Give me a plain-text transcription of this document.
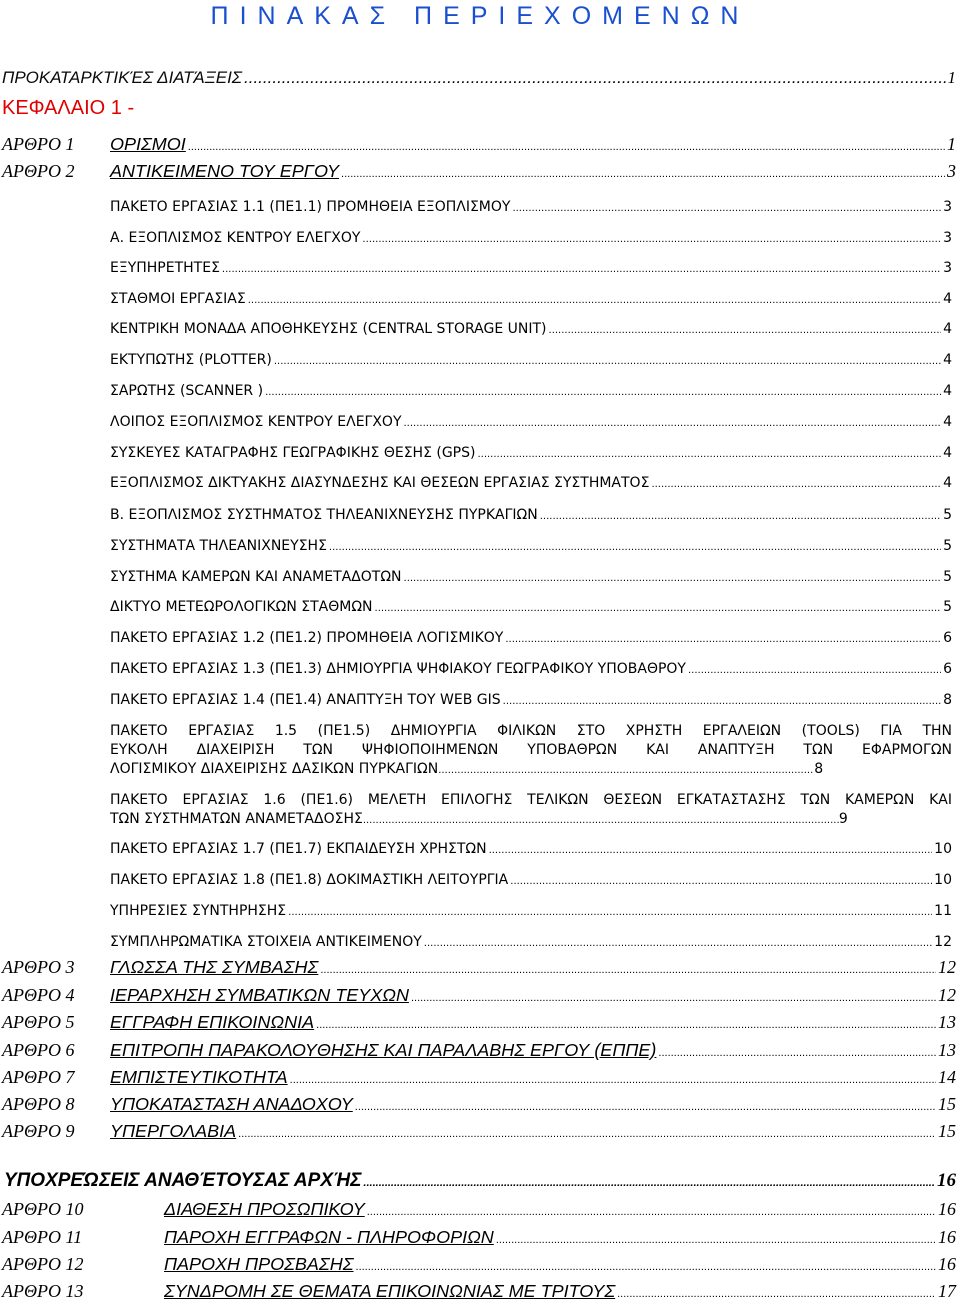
ΠΙΝΑΚΑΣ ΠΕΡΙΕΧΟΜΕΝΩΝ
ΠΡΟΚΑΤΑΡΚΤΙΚΈΣ ΔΙΑΤΆΞΕΙΣ .....	1
ΚΕΦΑΛΑΙΟ 1 -
ΑΡΘΡΟ 1 ΟΡΙΣΜΟΙ .....	1
ΑΡΘΡΟ 2 ΑΝΤΙΚΕΙΜΕΝΟ ΤΟΥ ΕΡΓΟΥ .....	3
ΠΑΚΕΤΟ ΕΡΓΑΣΙΑΣ 1.1 (ΠΕ1.1) ΠΡΟΜΗΘΕΙΑ ΕΞΟΠΛΙΣΜΟΥ .....	3
Α. ΕΞΟΠΛΙΣΜΟΣ ΚΕΝΤΡΟΥ ΕΛΕΓΧΟΥ .....	3
ΕΞΥΠΗΡΕΤΗΤΕΣ .....	3
ΣΤΑΘΜΟΙ ΕΡΓΑΣΙΑΣ .....	4
ΚΕΝΤΡΙΚΗ ΜΟΝΑΔΑ ΑΠΟΘΗΚΕΥΣΗΣ (CENTRAL STORAGE UNIT) .....	4
ΕΚΤΥΠΩΤΗΣ (PLOTTER) .....	4
ΣΑΡΩΤΗΣ (SCANNER ) .....	4
ΛΟΙΠΟΣ ΕΞΟΠΛΙΣΜΟΣ ΚΕΝΤΡΟΥ ΕΛΕΓΧΟΥ .....	4
ΣΥΣΚΕΥΕΣ ΚΑΤΑΓΡΑΦΗΣ ΓΕΩΓΡΑΦΙΚΗΣ ΘΕΣΗΣ (GPS) .....	4
ΕΞΟΠΛΙΣΜΟΣ ΔΙΚΤΥΑΚΗΣ ΔΙΑΣΥΝΔΕΣΗΣ ΚΑΙ ΘΕΣΕΩΝ ΕΡΓΑΣΙΑΣ ΣΥΣΤΗΜΑΤΟΣ .....	4
Β. ΕΞΟΠΛΙΣΜΟΣ ΣΥΣΤΗΜΑΤΟΣ ΤΗΛΕΑΝΙΧΝΕΥΣΗΣ ΠΥΡΚΑΓΙΩΝ .....	5
ΣΥΣΤΗΜΑΤΑ ΤΗΛΕΑΝΙΧΝΕΥΣΗΣ .....	5
ΣΥΣΤΗΜΑ ΚΑΜΕΡΩΝ ΚΑΙ ΑΝΑΜΕΤΑΔΟΤΩΝ .....	5
ΔΙΚΤΥΟ ΜΕΤΕΩΡΟΛΟΓΙΚΩΝ ΣΤΑΘΜΩΝ .....	5
ΠΑΚΕΤΟ ΕΡΓΑΣΙΑΣ 1.2 (ΠΕ1.2) ΠΡΟΜΗΘΕΙΑ ΛΟΓΙΣΜΙΚΟΥ .....	6
ΠΑΚΕΤΟ ΕΡΓΑΣΙΑΣ 1.3 (ΠΕ1.3) ΔΗΜΙΟΥΡΓΙΑ ΨΗΦΙΑΚΟΥ ΓΕΩΓΡΑΦΙΚΟΥ ΥΠΟΒΑΘΡΟΥ .....	6
ΠΑΚΕΤΟ ΕΡΓΑΣΙΑΣ 1.4 (ΠΕ1.4) ΑΝΑΠΤΥΞΗ ΤΟΥ WEB GIS .....	8
ΠΑΚΕΤΟ ΕΡΓΑΣΙΑΣ 1.5 (ΠΕ1.5) ΔΗΜΙΟΥΡΓΙΑ ΦΙΛΙΚΩΝ ΣΤΟ ΧΡΗΣΤΗ ΕΡΓΑΛΕΙΩΝ (TOOLS) ΓΙΑ ΤΗΝ
ΕΥΚΟΛΗ ΔΙΑΧΕΙΡΙΣΗ ΤΩΝ ΨΗΦΙΟΠΟΙΗΜΕΝΩΝ ΥΠΟΒΑΘΡΩΝ ΚΑΙ ΑΝΑΠΤΥΞΗ ΤΩΝ ΕΦΑΡΜΟΓΩΝ
ΛΟΓΙΣΜΙΚΟΥ ΔΙΑΧΕΙΡΙΣΗΣ ΔΑΣΙΚΩΝ ΠΥΡΚΑΓΙΩΝ .....	8
ΠΑΚΕΤΟ ΕΡΓΑΣΙΑΣ 1.6 (ΠΕ1.6) ΜΕΛΕΤΗ ΕΠΙΛΟΓΗΣ ΤΕΛΙΚΩΝ ΘΕΣΕΩΝ ΕΓΚΑΤΑΣΤΑΣΗΣ ΤΩΝ ΚΑΜΕΡΩΝ ΚΑΙ
ΤΩΝ ΣΥΣΤΗΜΑΤΩΝ ΑΝΑΜΕΤΑΔΟΣΗΣ .....	9
ΠΑΚΕΤΟ ΕΡΓΑΣΙΑΣ 1.7 (ΠΕ1.7) ΕΚΠΑΙΔΕΥΣΗ ΧΡΗΣΤΩΝ .....	10
ΠΑΚΕΤΟ ΕΡΓΑΣΙΑΣ 1.8 (ΠΕ1.8) ΔΟΚΙΜΑΣΤΙΚΗ ΛΕΙΤΟΥΡΓΙΑ .....	10
ΥΠΗΡΕΣΙΕΣ ΣΥΝΤΗΡΗΣΗΣ .....	11
ΣΥΜΠΛΗΡΩΜΑΤΙΚΑ ΣΤΟΙΧΕΙΑ ΑΝΤΙΚΕΙΜΕΝΟΥ .....	12
ΑΡΘΡΟ 3 ΓΛΩΣΣΑ ΤΗΣ ΣΥΜΒΑΣΗΣ .....	12
ΑΡΘΡΟ 4 ΙΕΡΑΡΧΗΣΗ ΣΥΜΒΑΤΙΚΩΝ ΤΕΥΧΩΝ .....	12
ΑΡΘΡΟ 5 ΕΓΓΡΑΦΗ ΕΠΙΚΟΙΝΩΝΙΑ .....	13
ΑΡΘΡΟ 6 ΕΠΙΤΡΟΠΗ ΠΑΡΑΚΟΛΟΥΘΗΣΗΣ ΚΑΙ ΠΑΡΑΛΑΒΗΣ ΕΡΓΟΥ (ΕΠΠΕ) .....	13
ΑΡΘΡΟ 7 ΕΜΠΙΣΤΕΥΤΙΚΟΤΗΤΑ .....	14
ΑΡΘΡΟ 8 ΥΠΟΚΑΤΑΣΤΑΣΗ ΑΝΑΔΟΧΟΥ .....	15
ΑΡΘΡΟ 9 ΥΠΕΡΓΟΛΑΒΙΑ .....	15
ΥΠΟΧΡΕΏΣΕΙΣ ΑΝΑΘΈΤΟΥΣΑΣ ΑΡΧΉΣ .....	16
ΑΡΘΡΟ 10	ΔΙΑΘΕΣΗ ΠΡΟΣΩΠΙΚΟΥ .....	16
ΑΡΘΡΟ 11	ΠΑΡΟΧΗ ΕΓΓΡΑΦΩΝ - ΠΛΗΡΟΦΟΡΙΩΝ .....	16
ΑΡΘΡΟ 12	ΠΑΡΟΧΗ ΠΡΟΣΒΑΣΗΣ .....	16
ΑΡΘΡΟ 13	ΣΥΝΔΡΟΜΗ ΣΕ ΘΕΜΑΤΑ ΕΠΙΚΟΙΝΩΝΙΑΣ ΜΕ ΤΡΙΤΟΥΣ .....	17
